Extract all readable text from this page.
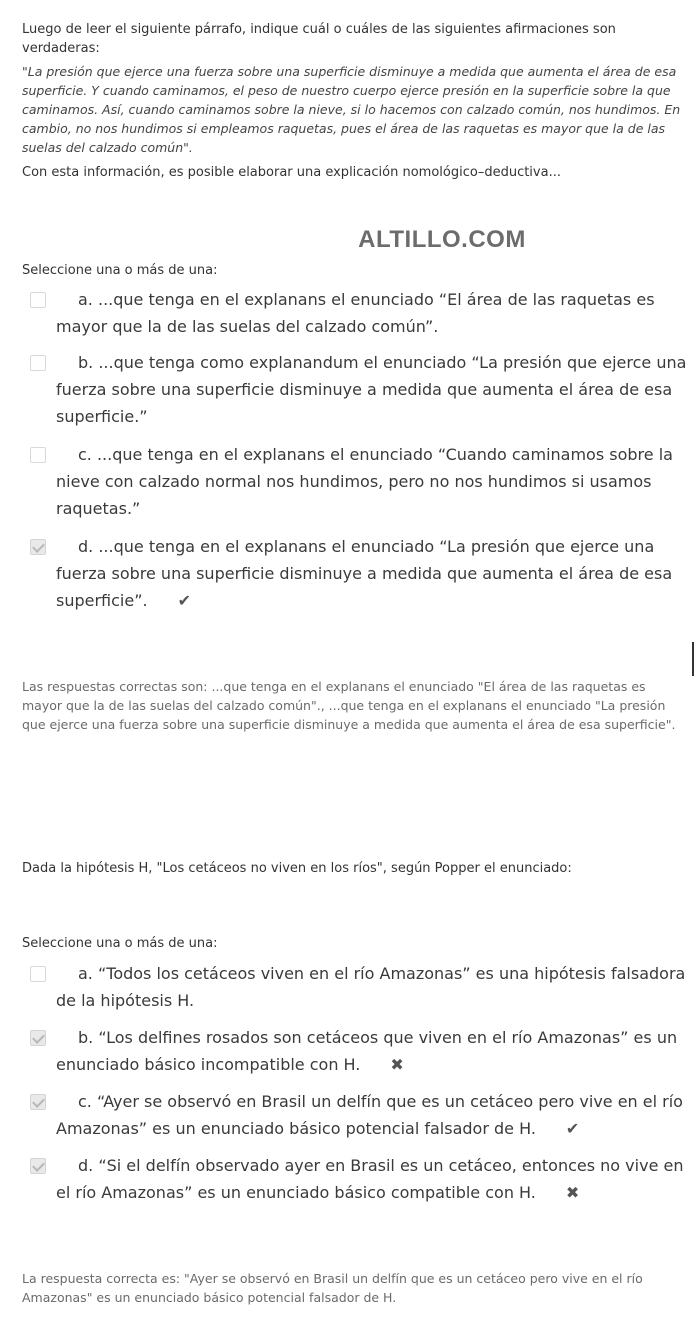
Luego de leer el siguiente párrafo, indique cuál o cuáles de las siguientes afirmaciones son verdaderas:

"La presión que ejerce una fuerza sobre una superficie disminuye a medida que aumenta el área de esa superficie. Y cuando caminamos, el peso de nuestro cuerpo ejerce presión en la superficie sobre la que caminamos. Así, cuando caminamos sobre la nieve, si lo hacemos con calzado común, nos hundimos. En cambio, no nos hundimos si empleamos raquetas, pues el área de las raquetas es mayor que la de las suelas del calzado común".

Con esta información, es posible elaborar una explicación nomológico–deductiva...

ALTILLO.COM
Seleccione una o más de una:
a. ...que tenga en el explanans el enunciado “El área de las raquetas es mayor que la de las suelas del calzado común”.
b. ...que tenga como explanandum el enunciado “La presión que ejerce una fuerza sobre una superficie disminuye a medida que aumenta el área de esa superficie.”
c. ...que tenga en el explanans el enunciado “Cuando caminamos sobre la nieve con calzado normal nos hundimos, pero no nos hundimos si usamos raquetas.”
d. ...que tenga en el explanans el enunciado “La presión que ejerce una fuerza sobre una superficie disminuye a medida que aumenta el área de esa superficie”. ✔
Las respuestas correctas son: ...que tenga en el explanans el enunciado "El área de las raquetas es mayor que la de las suelas del calzado común"., ...que tenga en el explanans el enunciado "La presión que ejerce una fuerza sobre una superficie disminuye a medida que aumenta el área de esa superficie".
Dada la hipótesis H, "Los cetáceos no viven en los ríos", según Popper el enunciado:
Seleccione una o más de una:
a. “Todos los cetáceos viven en el río Amazonas” es una hipótesis falsadora de la hipótesis H.
b. “Los delfines rosados son cetáceos que viven en el río Amazonas” es un enunciado básico incompatible con H. ✖
c. “Ayer se observó en Brasil un delfín que es un cetáceo pero vive en el río Amazonas” es un enunciado básico potencial falsador de H. ✔
d. “Si el delfín observado ayer en Brasil es un cetáceo, entonces no vive en el río Amazonas” es un enunciado básico compatible con H. ✖
La respuesta correcta es: "Ayer se observó en Brasil un delfín que es un cetáceo pero vive en el río Amazonas" es un enunciado básico potencial falsador de H.
